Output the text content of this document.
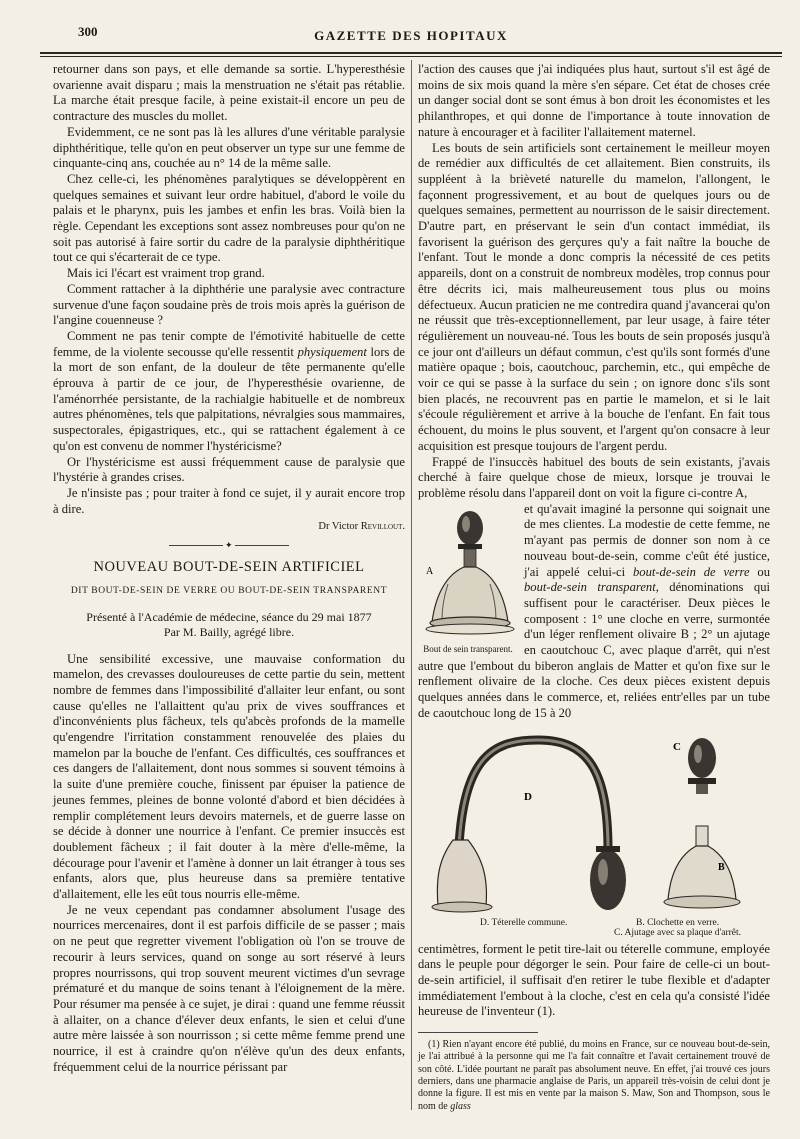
300	GAZETTE DES HOPITAUX

retourner dans son pays, et elle demande sa sortie. L'hyperesthésie ovarienne avait disparu ; mais la menstruation ne s'était pas rétablie. La marche était presque facile, à peine existait-il encore un peu de contracture des muscles du mollet.

Evidemment, ce ne sont pas là les allures d'une véritable paralysie diphthéritique, telle qu'on en peut observer un type sur une femme de cinquante-cinq ans, couchée au n° 14 de la même salle.

Chez celle-ci, les phénomènes paralytiques se développèrent en quelques semaines et suivant leur ordre habituel, d'abord le voile du palais et le pharynx, puis les jambes et enfin les bras. Voilà bien la règle. Cependant les exceptions sont assez nombreuses pour qu'on ne soit pas autorisé à faire sortir du cadre de la paralysie diphthéritique tout ce qui s'écarterait de ce type.

Mais ici l'écart est vraiment trop grand.

Comment rattacher à la diphthérie une paralysie avec contracture survenue d'une façon soudaine près de trois mois après la guérison de l'angine couenneuse ?

Comment ne pas tenir compte de l'émotivité habituelle de cette femme, de la violente secousse qu'elle ressentit physiquement lors de la mort de son enfant, de la douleur de tête permanente qu'elle éprouva à partir de ce jour, de l'hyperesthésie ovarienne, de l'aménorrhée persistante, de la rachialgie habituelle et de nombreux autres phénomènes, tels que palpitations, névralgies sous mammaires, suspectorales, épigastriques, etc., qui se rattachent également à ce qu'on est convenu de nommer l'hystéricisme?

Or l'hystéricisme est aussi fréquemment cause de paralysie que l'hystérie à grandes crises.

Je n'insiste pas ; pour traiter à fond ce sujet, il y aurait encore trop à dire.

Dr Victor Revillout.
✦
NOUVEAU BOUT-DE-SEIN ARTIFICIEL
DIT BOUT-DE-SEIN DE VERRE OU BOUT-DE-SEIN TRANSPARENT
Présenté à l'Académie de médecine, séance du 29 mai 1877
Par M. Bailly, agrégé libre.

Une sensibilité excessive, une mauvaise conformation du mamelon, des crevasses douloureuses de cette partie du sein, mettent nombre de femmes dans l'impossibilité d'allaiter leur enfant, ou sont cause qu'elles ne l'allaittent qu'au prix de vives souffrances et d'inconvénients plus fâcheux, tels qu'abcès profonds de la mamelle qu'engendre l'irritation constamment renouvelée des plaies du mamelon par la bouche de l'enfant. Ces difficultés, ces souffrances et ces dangers de l'allaitement, dont nous sommes si souvent témoins à la suite d'une première couche, finissent par épuiser la patience de jeunes femmes, pleines de bonne volonté d'abord et bien décidées à remplir complétement leurs devoirs maternels, et de guerre lasse on se décide à donner une nourrice à l'enfant. Ce premier insuccès est doublement fâcheux ; il fait douter à la mère d'elle-même, la décourage pour l'avenir et l'amène à donner un lait étranger à tous ses enfants, alors que, plus heureuse dans sa première tentative d'allaitement, elle les eût tous nourris elle-même.

Je ne veux cependant pas condamner absolument l'usage des nourrices mercenaires, dont il est parfois difficile de se passer ; mais on ne peut que regretter vivement l'obligation où l'on se trouve de recourir à leurs services, quand on songe au sort réservé à leurs propres nourrissons, qui trop souvent meurent victimes d'un sevrage prématuré et du manque de soins tenant à l'éloignement de la mère. Pour résumer ma pensée à ce sujet, je dirai : quand une femme réussit à allaiter, on a chance d'élever deux enfants, le sien et celui d'une autre mère laissée à son nourrisson ; si cette même femme prend une nourrice, il est à craindre qu'on n'élève qu'un des deux enfants, fréquemment celui de la nourrice périssant par

l'action des causes que j'ai indiquées plus haut, surtout s'il est âgé de moins de six mois quand la mère s'en sépare. Cet état de choses crée un danger social dont se sont émus à bon droit les économistes et les philanthropes, et qui donne de l'importance à toute innovation de nature à encourager et à faciliter l'allaitement maternel.

Les bouts de sein artificiels sont certainement le meilleur moyen de remédier aux difficultés de cet allaitement. Bien construits, ils suppléent à la brièveté naturelle du mamelon, l'allongent, le façonnent progressivement, et au bout de quelques jours ou de quelques semaines, permettent au nourrisson de le saisir directement. D'autre part, en préservant le sein d'un contact immédiat, ils favorisent la guérison des gerçures qu'y a fait naître la bouche de l'enfant. Tout le monde a donc compris la nécessité de ces petits appareils, dont on a construit de nombreux modèles, trop connus pour être décrits ici, mais malheureusement tous plus ou moins défectueux. Aucun praticien ne me contredira quand j'avancerai qu'on ne réussit que très-exceptionnellement, par leur usage, à faire téter régulièrement un nouveau-né. Tous les bouts de sein proposés jusqu'à ce jour ont d'ailleurs un défaut commun, c'est qu'ils sont formés d'une matière opaque ; bois, caoutchouc, parchemin, etc., qui empêche de voir ce qui se passe à la surface du sein ; on ignore donc s'ils sont bien placés, ne recouvrent pas en partie le mamelon, et si le lait s'écoule régulièrement et arrive à la bouche de l'enfant. En fait tous échouent, du moins le plus souvent, et l'argent qu'on consacre à leur acquisition est presque toujours de l'argent perdu.

Frappé de l'insuccès habituel des bouts de sein existants, j'avais cherché à faire quelque chose de mieux, lorsque je trouvai le problème résolu dans l'appareil dont on voit la figure ci-contre A,

A
Bout de sein transparent.

et qu'avait imaginé la personne qui soignait une de mes clientes. La modestie de cette femme, ne m'ayant pas permis de donner son nom à ce nouveau bout-de-sein, comme c'eût été justice, j'ai appelé celui-ci bout-de-sein de verre ou bout-de-sein transparent, dénominations qui suffisent pour le caractériser. Deux pièces le composent : 1° une cloche en verre, surmontée d'un léger renflement olivaire B ; 2° un ajutage en caoutchouc C, avec plaque d'arrêt, qui n'est autre que l'embout du biberon anglais de Matter et qu'on fixe sur le renflement olivaire de la cloche. Ces deux pièces existent depuis quelques années dans le commerce, et, reliées entr'elles par un tube de caoutchouc long de 15 à 20

D
C
B
D. Téterelle commune.	B. Clochette en verre.
C. Ajutage avec sa plaque d'arrêt.

centimètres, forment le petit tire-lait ou téterelle commune, employée dans le peuple pour dégorger le sein. Pour faire de celle-ci un bout-de-sein artificiel, il suffisait d'en retirer le tube flexible et d'adapter immédiatement l'embout à la cloche, c'est en cela qu'a consisté l'idée heureuse de l'inventeur (1).

(1) Rien n'ayant encore été publié, du moins en France, sur ce nouveau bout-de-sein, je l'ai attribué à la personne qui me l'a fait connaître et l'avait certainement trouvé de son côté. L'idée pourtant ne paraît pas absolument neuve. En effet, j'ai trouvé ces jours derniers, dans une pharmacie anglaise de Paris, un appareil très-voisin de celui dont je donne la figure. Il est mis en vente par la maison S. Maw, Son and Thompson, sous le nom de glass
